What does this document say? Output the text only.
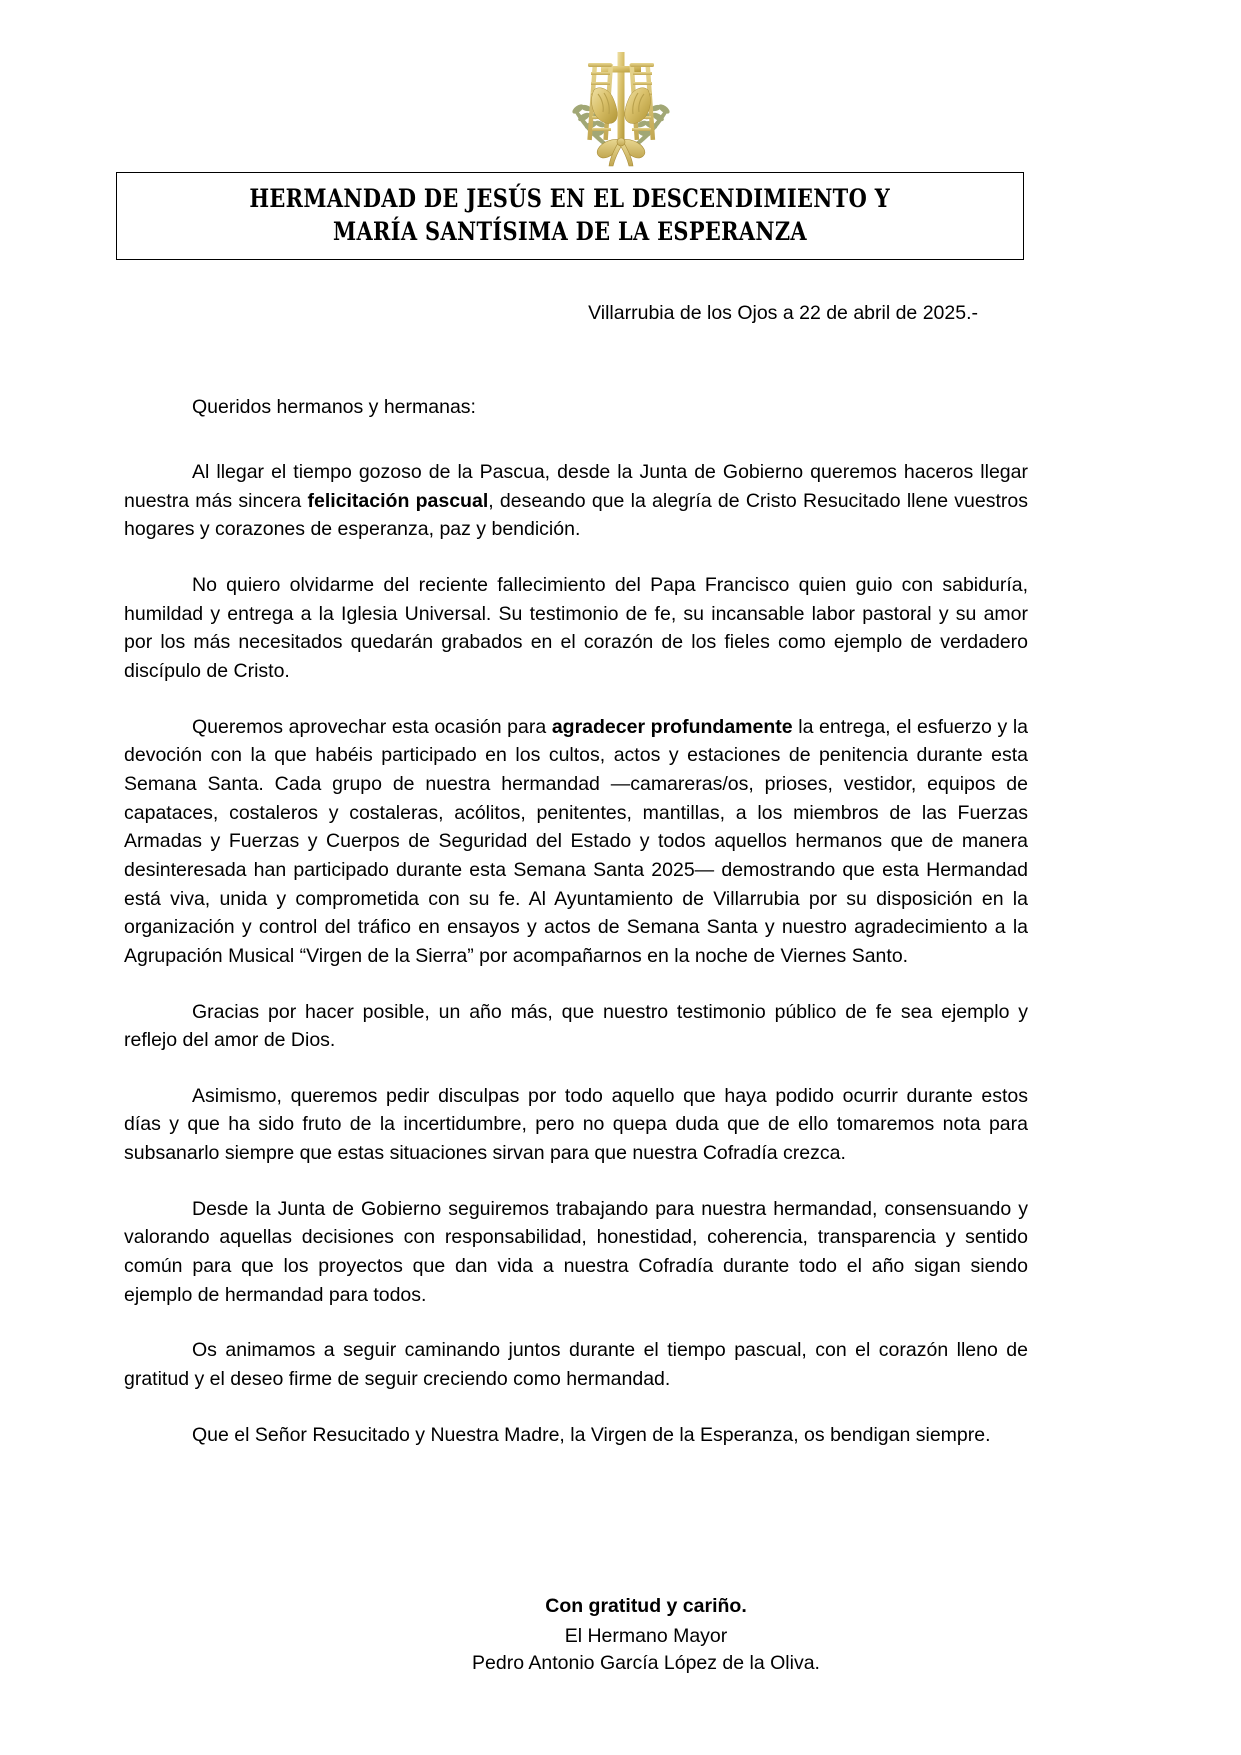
HERMANDAD DE JESÚS EN EL DESCENDIMIENTO Y
MARÍA SANTÍSIMA DE LA ESPERANZA
Villarrubia de los Ojos a 22 de abril de 2025.-
Queridos hermanos y hermanas:

Al llegar el tiempo gozoso de la Pascua, desde la Junta de Gobierno queremos haceros llegar nuestra más sincera felicitación pascual, deseando que la alegría de Cristo Resucitado llene vuestros hogares y corazones de esperanza, paz y bendición.

No quiero olvidarme del reciente fallecimiento del Papa Francisco quien guio con sabiduría, humildad y entrega a la Iglesia Universal. Su testimonio de fe, su incansable labor pastoral y su amor por los más necesitados quedarán grabados en el corazón de los fieles como ejemplo de verdadero discípulo de Cristo.

Queremos aprovechar esta ocasión para agradecer profundamente la entrega, el esfuerzo y la devoción con la que habéis participado en los cultos, actos y estaciones de penitencia durante esta Semana Santa. Cada grupo de nuestra hermandad —camareras/os, prioses, vestidor, equipos de capataces, costaleros y costaleras, acólitos, penitentes, mantillas, a los miembros de las Fuerzas Armadas y Fuerzas y Cuerpos de Seguridad del Estado y todos aquellos hermanos que de manera desinteresada han participado durante esta Semana Santa 2025— demostrando que esta Hermandad está viva, unida y comprometida con su fe. Al Ayuntamiento de Villarrubia por su disposición en la organización y control del tráfico en ensayos y actos de Semana Santa y nuestro agradecimiento a la Agrupación Musical “Virgen de la Sierra” por acompañarnos en la noche de Viernes Santo.

Gracias por hacer posible, un año más, que nuestro testimonio público de fe sea ejemplo y reflejo del amor de Dios.

Asimismo, queremos pedir disculpas por todo aquello que haya podido ocurrir durante estos días y que ha sido fruto de la incertidumbre, pero no quepa duda que de ello tomaremos nota para subsanarlo siempre que estas situaciones sirvan para que nuestra Cofradía crezca.

Desde la Junta de Gobierno seguiremos trabajando para nuestra hermandad, consensuando y valorando aquellas decisiones con responsabilidad, honestidad, coherencia, transparencia y sentido común para que los proyectos que dan vida a nuestra Cofradía durante todo el año sigan siendo ejemplo de hermandad para todos.

Os animamos a seguir caminando juntos durante el tiempo pascual, con el corazón lleno de gratitud y el deseo firme de seguir creciendo como hermandad.

Que el Señor Resucitado y Nuestra Madre, la Virgen de la Esperanza, os bendigan siempre.

Con gratitud y cariño.
El Hermano Mayor
Pedro Antonio García López de la Oliva.
